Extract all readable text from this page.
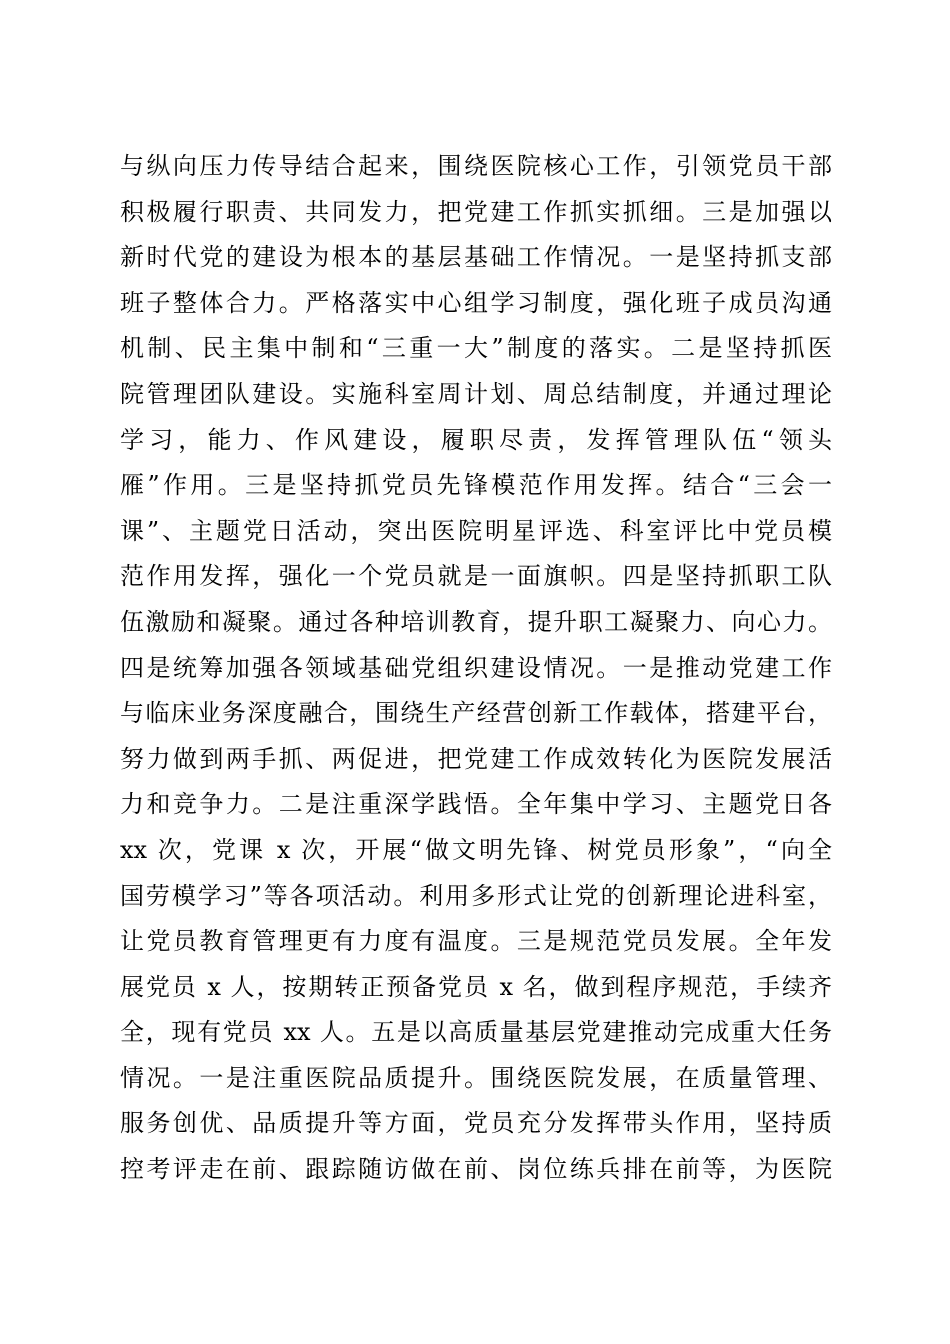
与纵向压力传导结合起来，围绕医院核心工作，引领党员干部
积极履行职责、共同发力，把党建工作抓实抓细。三是加强以
新时代党的建设为根本的基层基础工作情况。一是坚持抓支部
班子整体合力。严格落实中心组学习制度，强化班子成员沟通
机制、民主集中制和“三重一大”制度的落实。二是坚持抓医
院管理团队建设。实施科室周计划、周总结制度，并通过理论
学习，能力、作风建设，履职尽责，发挥管理队伍“领头
雁”作用。三是坚持抓党员先锋模范作用发挥。结合“三会一
课”、主题党日活动，突出医院明星评选、科室评比中党员模
范作用发挥，强化一个党员就是一面旗帜。四是坚持抓职工队
伍激励和凝聚。通过各种培训教育，提升职工凝聚力、向心力。
四是统筹加强各领域基础党组织建设情况。一是推动党建工作
与临床业务深度融合，围绕生产经营创新工作载体，搭建平台，
努力做到两手抓、两促进，把党建工作成效转化为医院发展活
力和竞争力。二是注重深学践悟。全年集中学习、主题党日各
xx 次，党课 x 次，开展“做文明先锋、树党员形象”，“向全
国劳模学习”等各项活动。利用多形式让党的创新理论进科室，
让党员教育管理更有力度有温度。三是规范党员发展。全年发
展党员 x 人，按期转正预备党员 x 名，做到程序规范，手续齐
全，现有党员 xx 人。五是以高质量基层党建推动完成重大任务
情况。一是注重医院品质提升。围绕医院发展，在质量管理、
服务创优、品质提升等方面，党员充分发挥带头作用，坚持质
控考评走在前、跟踪随访做在前、岗位练兵排在前等，为医院
